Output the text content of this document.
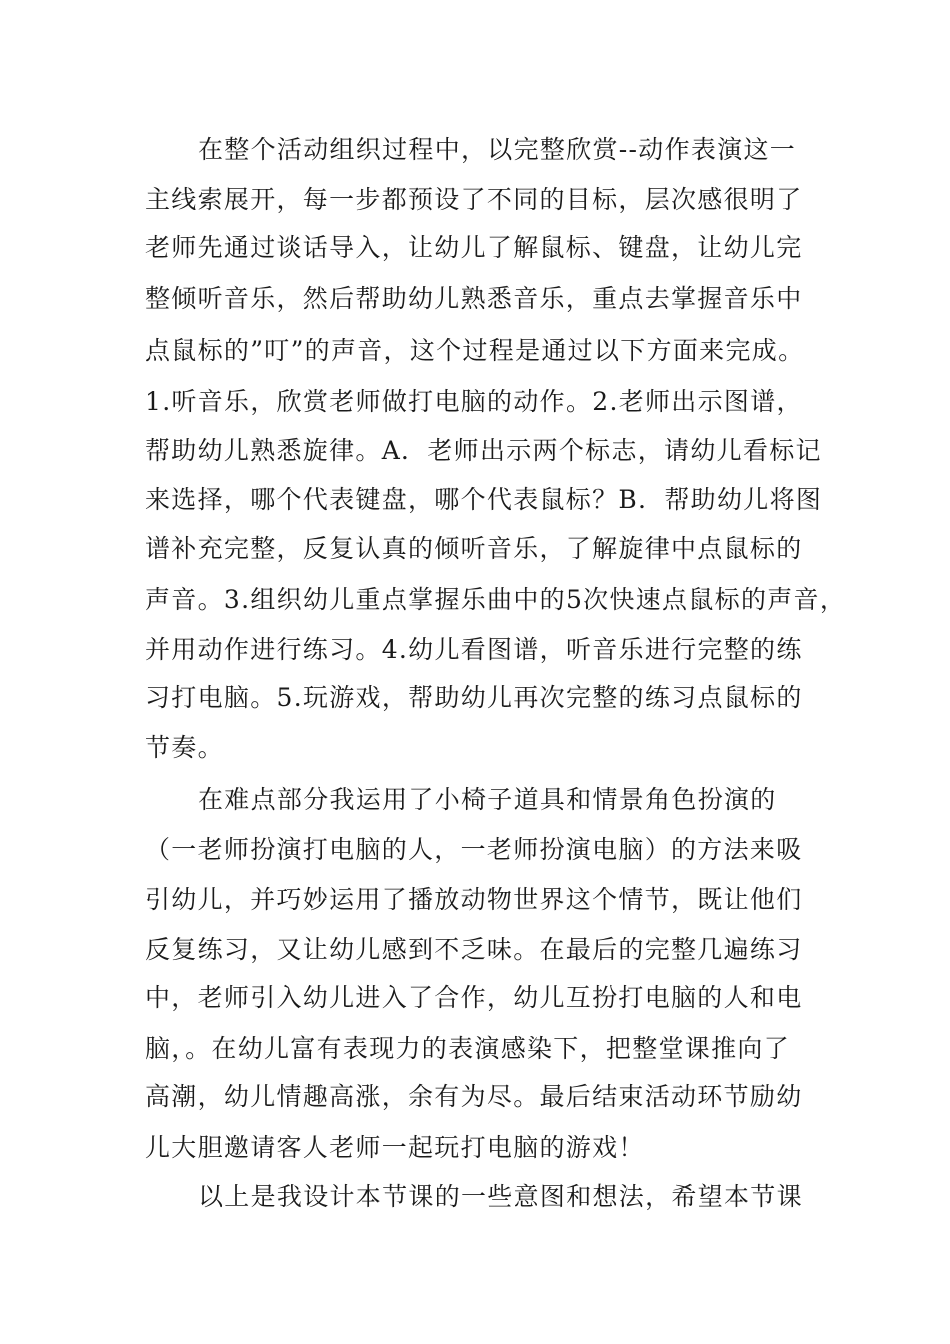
在整个活动组织过程中，以完整欣赏--动作表演这一
主线索展开，每一步都预设了不同的目标，层次感很明了
老师先通过谈话导入，让幼儿了解鼠标、键盘，让幼儿完
整倾听音乐，然后帮助幼儿熟悉音乐，重点去掌握音乐中
点鼠标的”叮”的声音，这个过程是通过以下方面来完成。
1.听音乐，欣赏老师做打电脑的动作。2.老师出示图谱，
帮助幼儿熟悉旋律。A．老师出示两个标志，请幼儿看标记
来选择，哪个代表键盘，哪个代表鼠标？B．帮助幼儿将图
谱补充完整，反复认真的倾听音乐，了解旋律中点鼠标的
声音。3.组织幼儿重点掌握乐曲中的5次快速点鼠标的声音，
并用动作进行练习。4.幼儿看图谱，听音乐进行完整的练
习打电脑。5.玩游戏，帮助幼儿再次完整的练习点鼠标的
节奏。
在难点部分我运用了小椅子道具和情景角色扮演的
（一老师扮演打电脑的人，一老师扮演电脑）的方法来吸
引幼儿，并巧妙运用了播放动物世界这个情节，既让他们
反复练习，又让幼儿感到不乏味。在最后的完整几遍练习
中，老师引入幼儿进入了合作，幼儿互扮打电脑的人和电
脑，。在幼儿富有表现力的表演感染下，把整堂课推向了
高潮，幼儿情趣高涨，余有为尽。最后结束活动环节励幼
儿大胆邀请客人老师一起玩打电脑的游戏！
以上是我设计本节课的一些意图和想法，希望本节课
